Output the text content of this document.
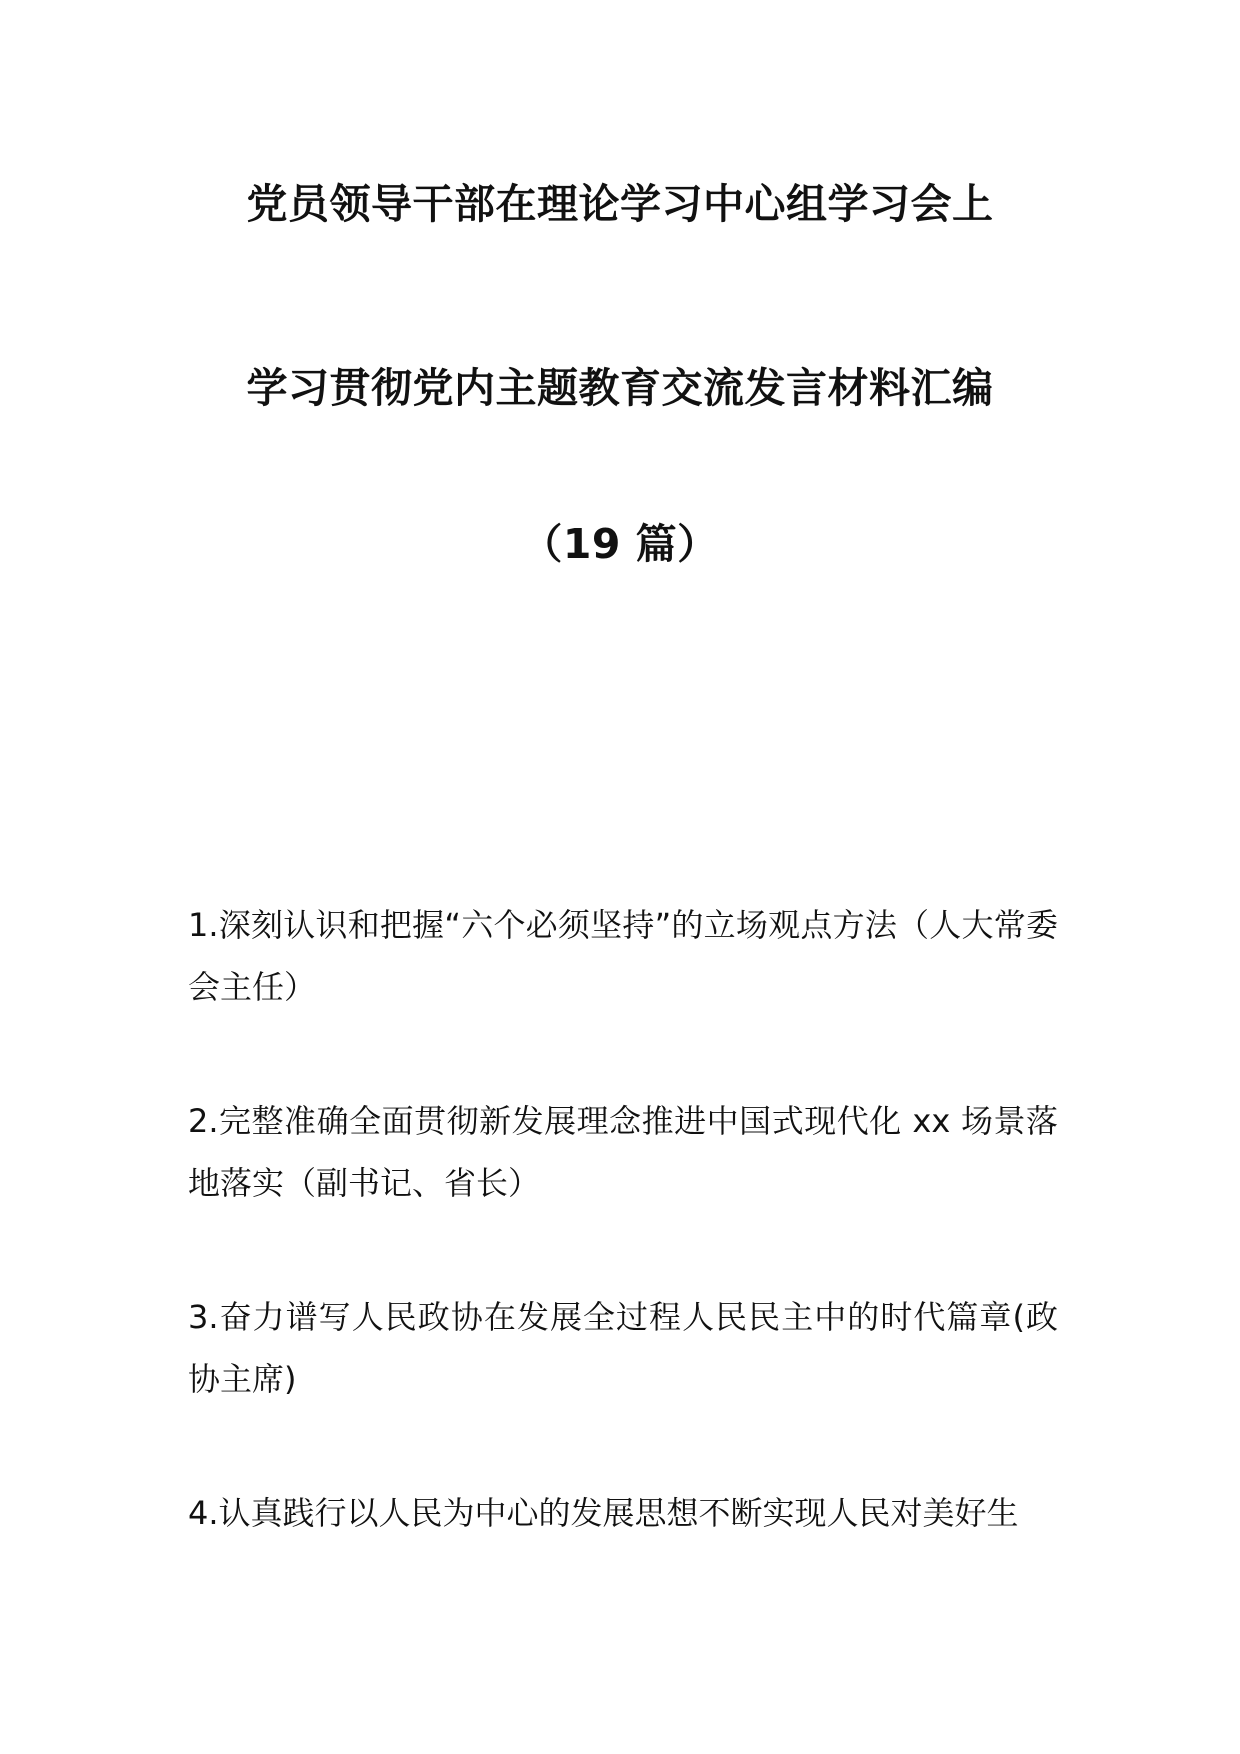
党员领导干部在理论学习中心组学习会上
学习贯彻党内主题教育交流发言材料汇编
（19 篇）

1.深刻认识和把握“六个必须坚持”的立场观点方法（人大常委会主任）

2.完整准确全面贯彻新发展理念推进中国式现代化 xx 场景落地落实（副书记、省长）

3.奋力谱写人民政协在发展全过程人民民主中的时代篇章(政协主席)

4.认真践行以人民为中心的发展思想不断实现人民对美好生
